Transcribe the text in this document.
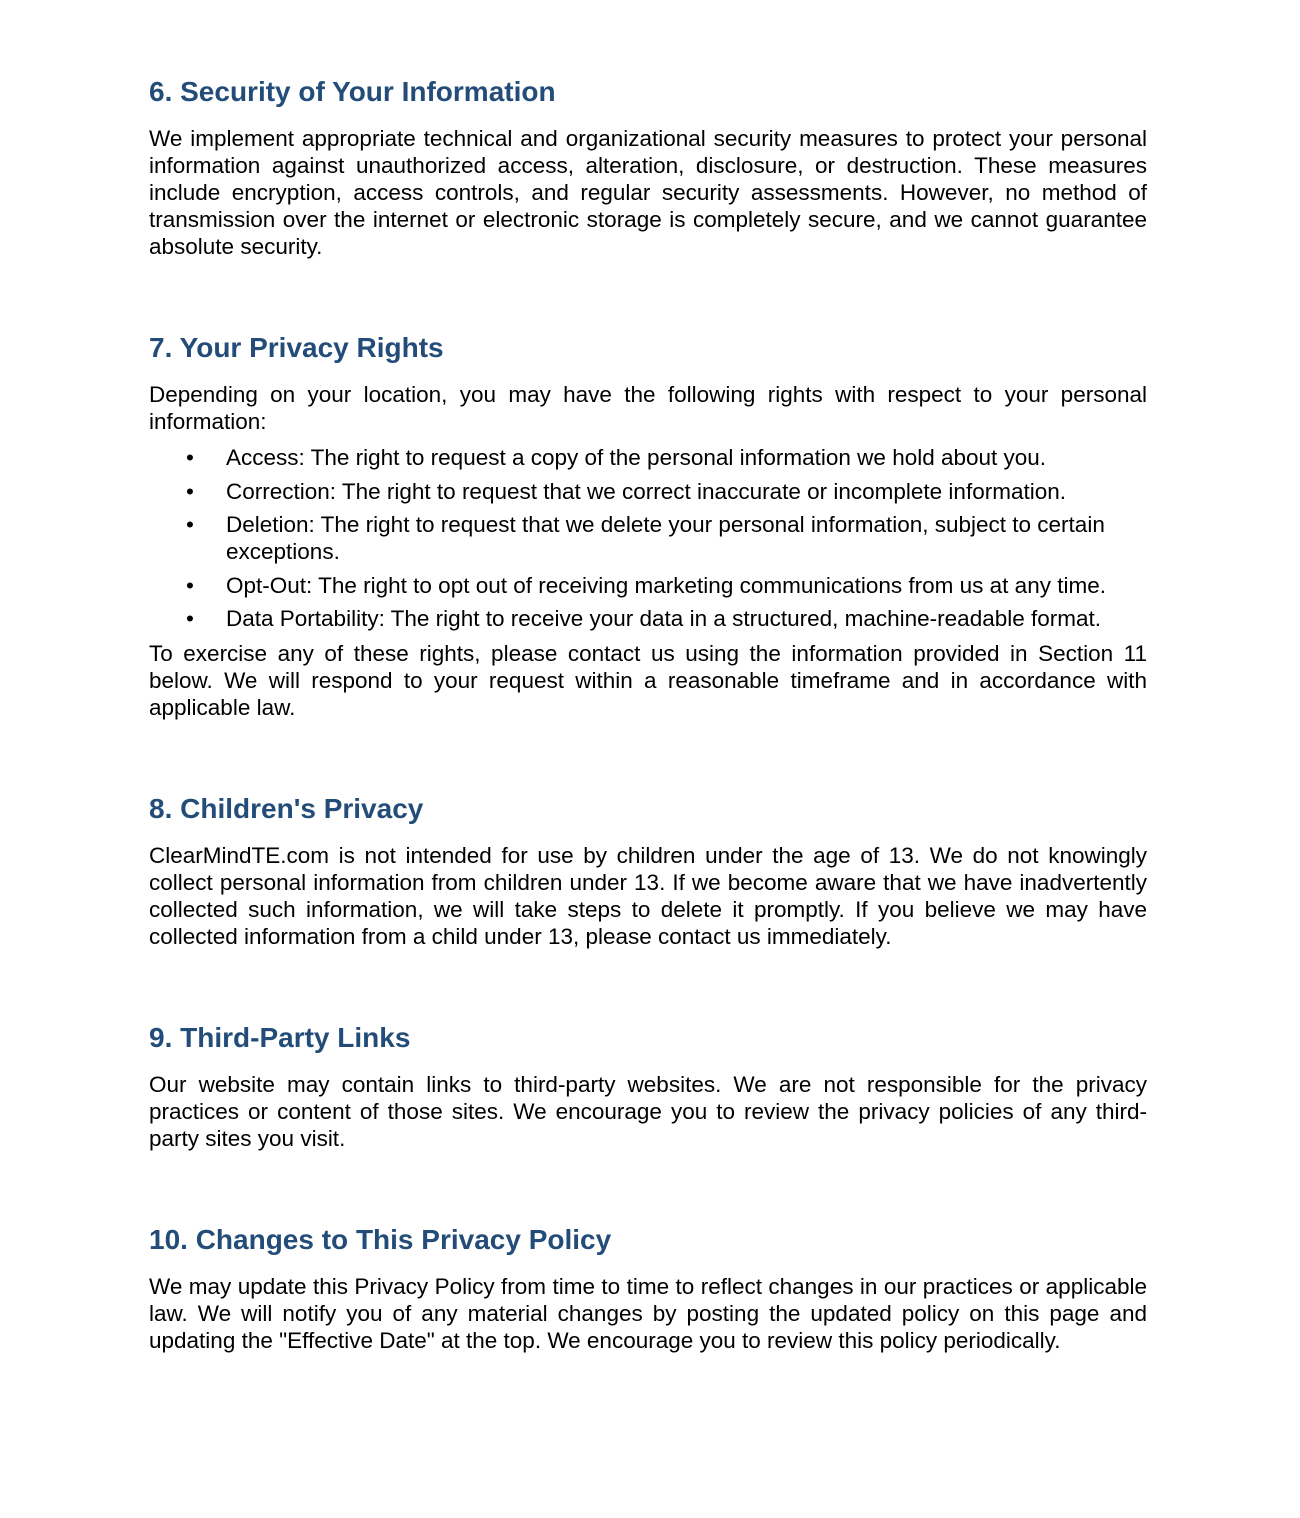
6. Security of Your Information

We implement appropriate technical and organizational security measures to protect your personal information against unauthorized access, alteration, disclosure, or destruction. These measures include encryption, access controls, and regular security assessments. However, no method of transmission over the internet or electronic storage is completely secure, and we cannot guarantee absolute security.

7. Your Privacy Rights

Depending on your location, you may have the following rights with respect to your personal information:

• Access: The right to request a copy of the personal information we hold about you.
• Correction: The right to request that we correct inaccurate or incomplete information.
• Deletion: The right to request that we delete your personal information, subject to certain exceptions.
• Opt-Out: The right to opt out of receiving marketing communications from us at any time.
• Data Portability: The right to receive your data in a structured, machine-readable format.

To exercise any of these rights, please contact us using the information provided in Section 11 below. We will respond to your request within a reasonable timeframe and in accordance with applicable law.

8. Children's Privacy

ClearMindTE.com is not intended for use by children under the age of 13. We do not knowingly collect personal information from children under 13. If we become aware that we have inadvertently collected such information, we will take steps to delete it promptly. If you believe we may have collected information from a child under 13, please contact us immediately.

9. Third-Party Links

Our website may contain links to third-party websites. We are not responsible for the privacy practices or content of those sites. We encourage you to review the privacy policies of any third-party sites you visit.

10. Changes to This Privacy Policy

We may update this Privacy Policy from time to time to reflect changes in our practices or applicable law. We will notify you of any material changes by posting the updated policy on this page and updating the "Effective Date" at the top. We encourage you to review this policy periodically.
